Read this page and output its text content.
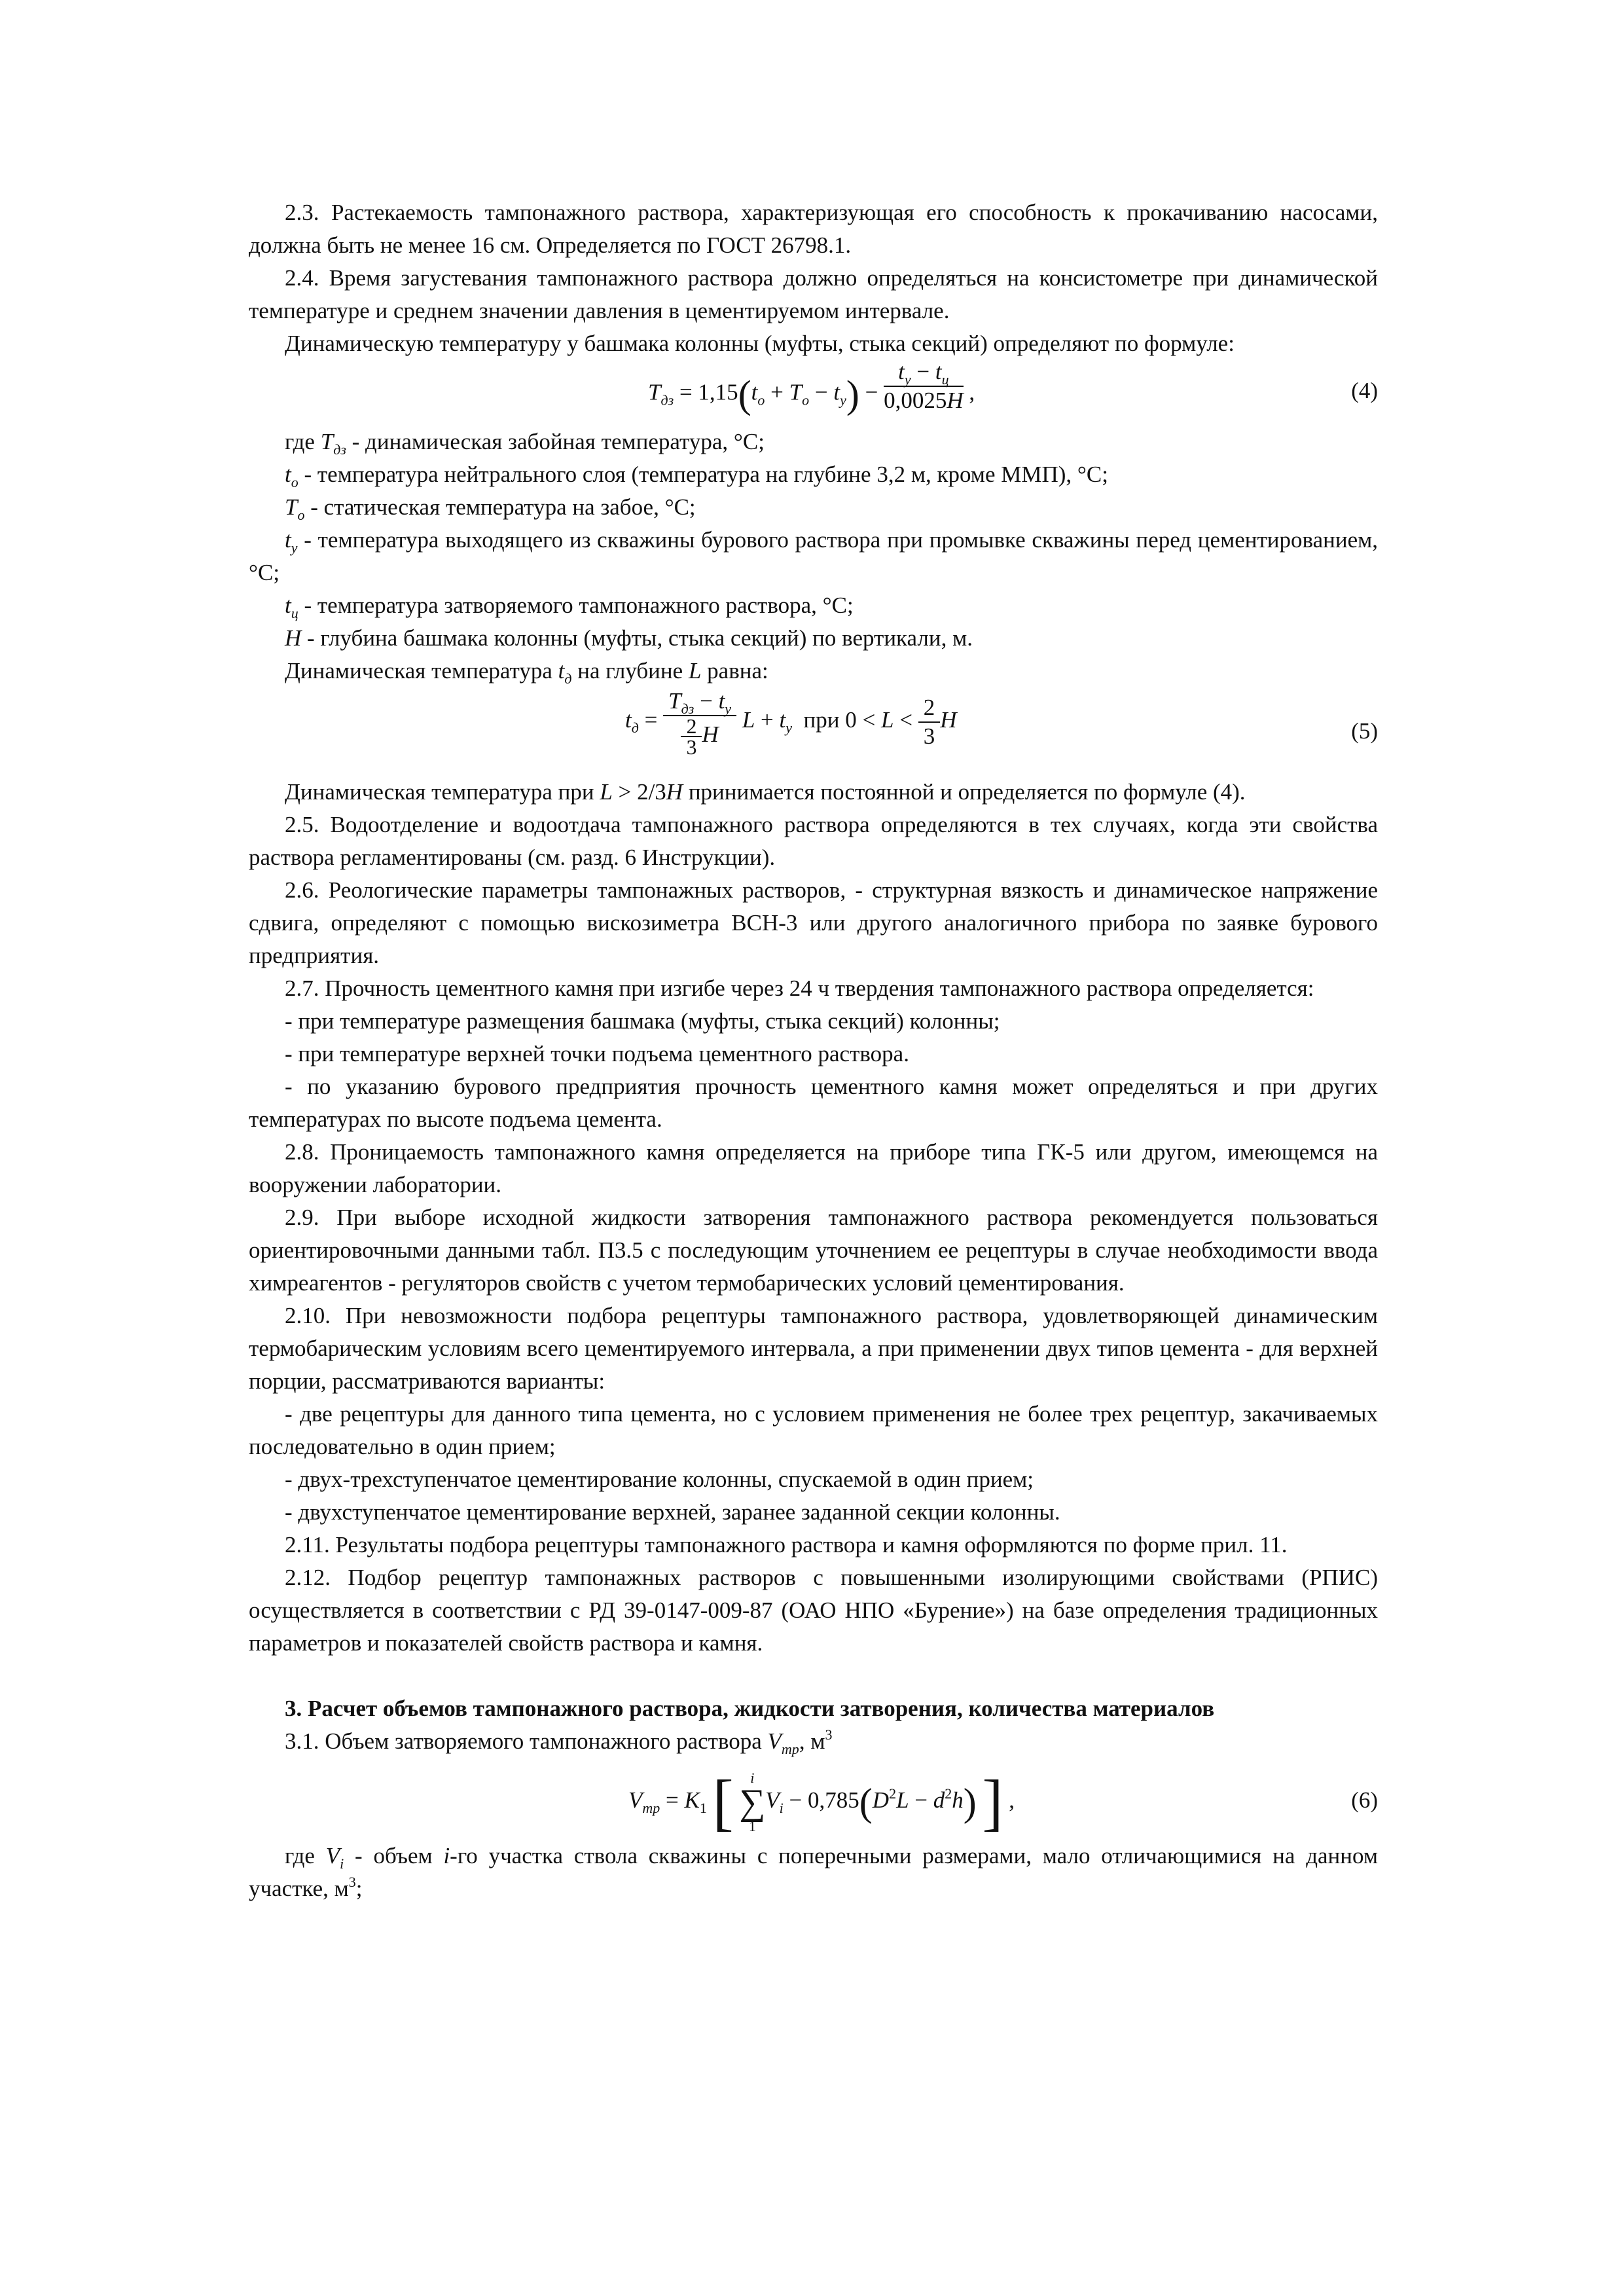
2.3. Растекаемость тампонажного раствора, характеризующая его способность к прокачиванию насосами, должна быть не менее 16 см. Определяется по ГОСТ 26798.1.

2.4. Время загустевания тампонажного раствора должно определяться на консистометре при динамической температуре и среднем значении давления в цементируемом интервале.

Динамическую температуру у башмака колонны (муфты, стыка секций) определяют по формуле:

$T_{дз} = 1,15(t_o + T_o - t_у) - \frac{t_у - t_ц}{0,0025H}$ ,	(4)

где $T_{дз}$ - динамическая забойная температура, °С;

$t_o$ - температура нейтрального слоя (температура на глубине 3,2 м, кроме ММП), °С;

$T_o$ - статическая температура на забое, °С;

$t_у$ - температура выходящего из скважины бурового раствора при промывке скважины перед цементированием, °С;

$t_ц$ - температура затворяемого тампонажного раствора, °С;

H - глубина башмака колонны (муфты, стыка секций) по вертикали, м.

Динамическая температура $t_д$ на глубине L равна:

$t_д = \frac{T_{дз} - t_у}{\frac{2}{3} H}$ $L + t_у$ при $0 < L < \frac{2}{3}$ H	(5)

Динамическая температура при L > 2/3H принимается постоянной и определяется по формуле (4).

2.5. Водоотделение и водоотдача тампонажного раствора определяются в тех случаях, когда эти свойства раствора регламентированы (см. разд. 6 Инструкции).

2.6. Реологические параметры тампонажных растворов, - структурная вязкость и динамическое напряжение сдвига, определяют с помощью вискозиметра ВСН-3 или другого аналогичного прибора по заявке бурового предприятия.

2.7. Прочность цементного камня при изгибе через 24 ч твердения тампонажного раствора определяется:

- при температуре размещения башмака (муфты, стыка секций) колонны;

- при температуре верхней точки подъема цементного раствора.

- по указанию бурового предприятия прочность цементного камня может определяться и при других температурах по высоте подъема цемента.

2.8. Проницаемость тампонажного камня определяется на приборе типа ГК-5 или другом, имеющемся на вооружении лаборатории.

2.9. При выборе исходной жидкости затворения тампонажного раствора рекомендуется пользоваться ориентировочными данными табл. П3.5 с последующим уточнением ее рецептуры в случае необходимости ввода химреагентов - регуляторов свойств с учетом термобарических условий цементирования.

2.10. При невозможности подбора рецептуры тампонажного раствора, удовлетворяющей динамическим термобарическим условиям всего цементируемого интервала, а при применении двух типов цемента - для верхней порции, рассматриваются варианты:

- две рецептуры для данного типа цемента, но с условием применения не более трех рецептур, закачиваемых последовательно в один прием;

- двух-трехступенчатое цементирование колонны, спускаемой в один прием;

- двухступенчатое цементирование верхней, заранее заданной секции колонны.

2.11. Результаты подбора рецептуры тампонажного раствора и камня оформляются по форме прил. 11.

2.12. Подбор рецептур тампонажных растворов с повышенными изолирующими свойствами (РПИС) осуществляется в соответствии с РД 39-0147-009-87 (ОАО НПО «Бурение») на базе определения традиционных параметров и показателей свойств раствора и камня.

3. Расчет объемов тампонажного раствора, жидкости затворения, количества материалов

3.1. Объем затворяемого тампонажного раствора $V_{тр}$, $м^3$

$V_{тр} = K_1$ [	i
∑
1
$V_i - 0,785(D^2L - d^2h)$ ] ,	(6)

где $V_i$ - объем i-го участка ствола скважины с поперечными размерами, мало отличающимися на данном участке, $м^3$;
